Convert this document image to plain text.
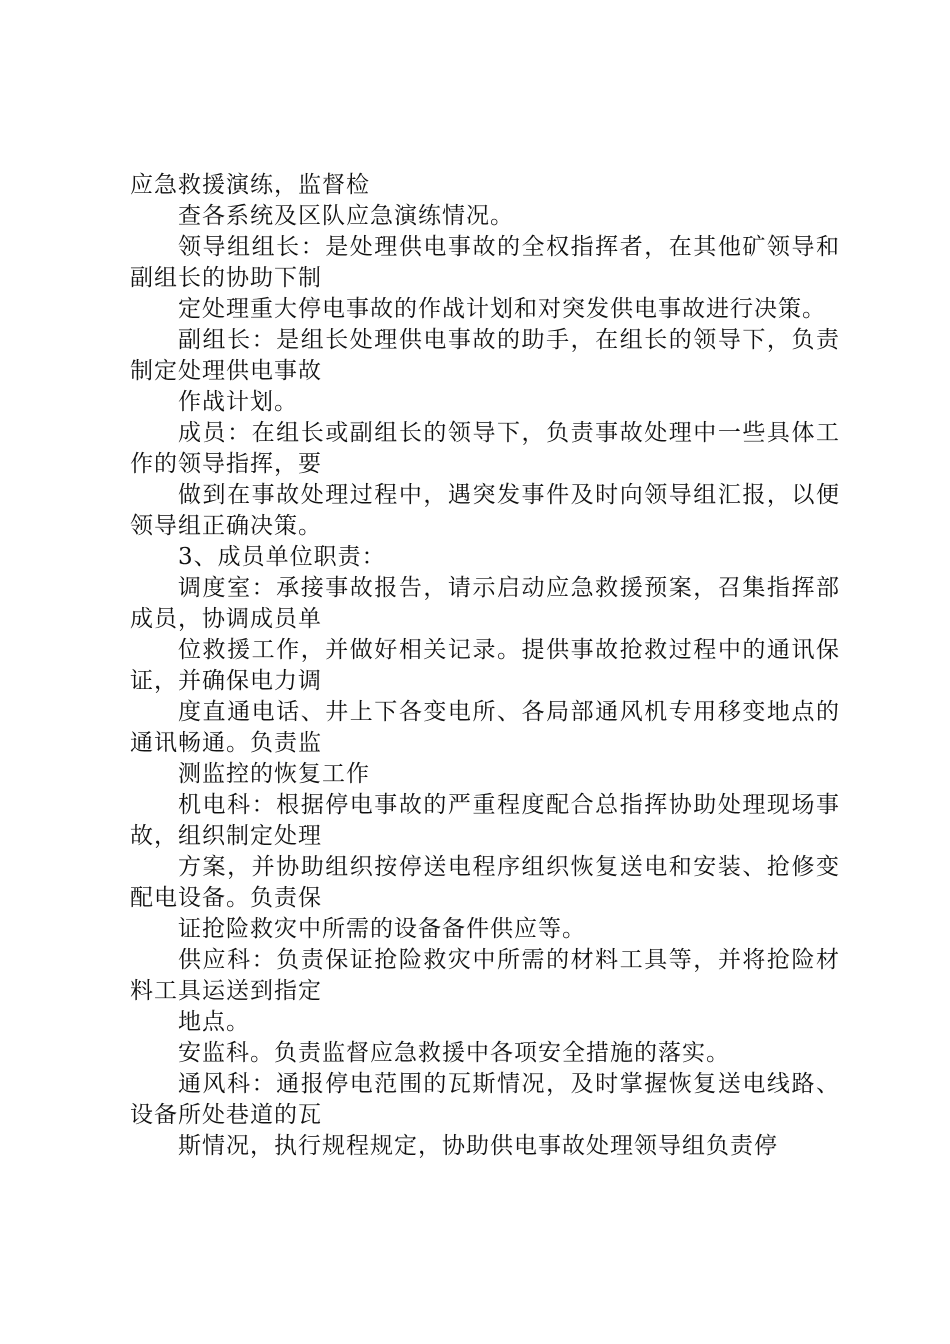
应急救援演练，监督检

查各系统及区队应急演练情况。

领导组组长：是处理供电事故的全权指挥者，在其他矿领导和副组长的协助下制

定处理重大停电事故的作战计划和对突发供电事故进行决策。

副组长：是组长处理供电事故的助手，在组长的领导下，负责制定处理供电事故

作战计划。

成员：在组长或副组长的领导下，负责事故处理中一些具体工作的领导指挥，要

做到在事故处理过程中，遇突发事件及时向领导组汇报，以便领导组正确决策。

3、成员单位职责：

调度室：承接事故报告，请示启动应急救援预案，召集指挥部成员，协调成员单

位救援工作，并做好相关记录。提供事故抢救过程中的通讯保证，并确保电力调

度直通电话、井上下各变电所、各局部通风机专用移变地点的通讯畅通。负责监

测监控的恢复工作

机电科：根据停电事故的严重程度配合总指挥协助处理现场事故，组织制定处理

方案，并协助组织按停送电程序组织恢复送电和安装、抢修变配电设备。负责保

证抢险救灾中所需的设备备件供应等。

供应科：负责保证抢险救灾中所需的材料工具等，并将抢险材料工具运送到指定

地点。

安监科。负责监督应急救援中各项安全措施的落实。

通风科：通报停电范围的瓦斯情况，及时掌握恢复送电线路、设备所处巷道的瓦

斯情况，执行规程规定，协助供电事故处理领导组负责停
